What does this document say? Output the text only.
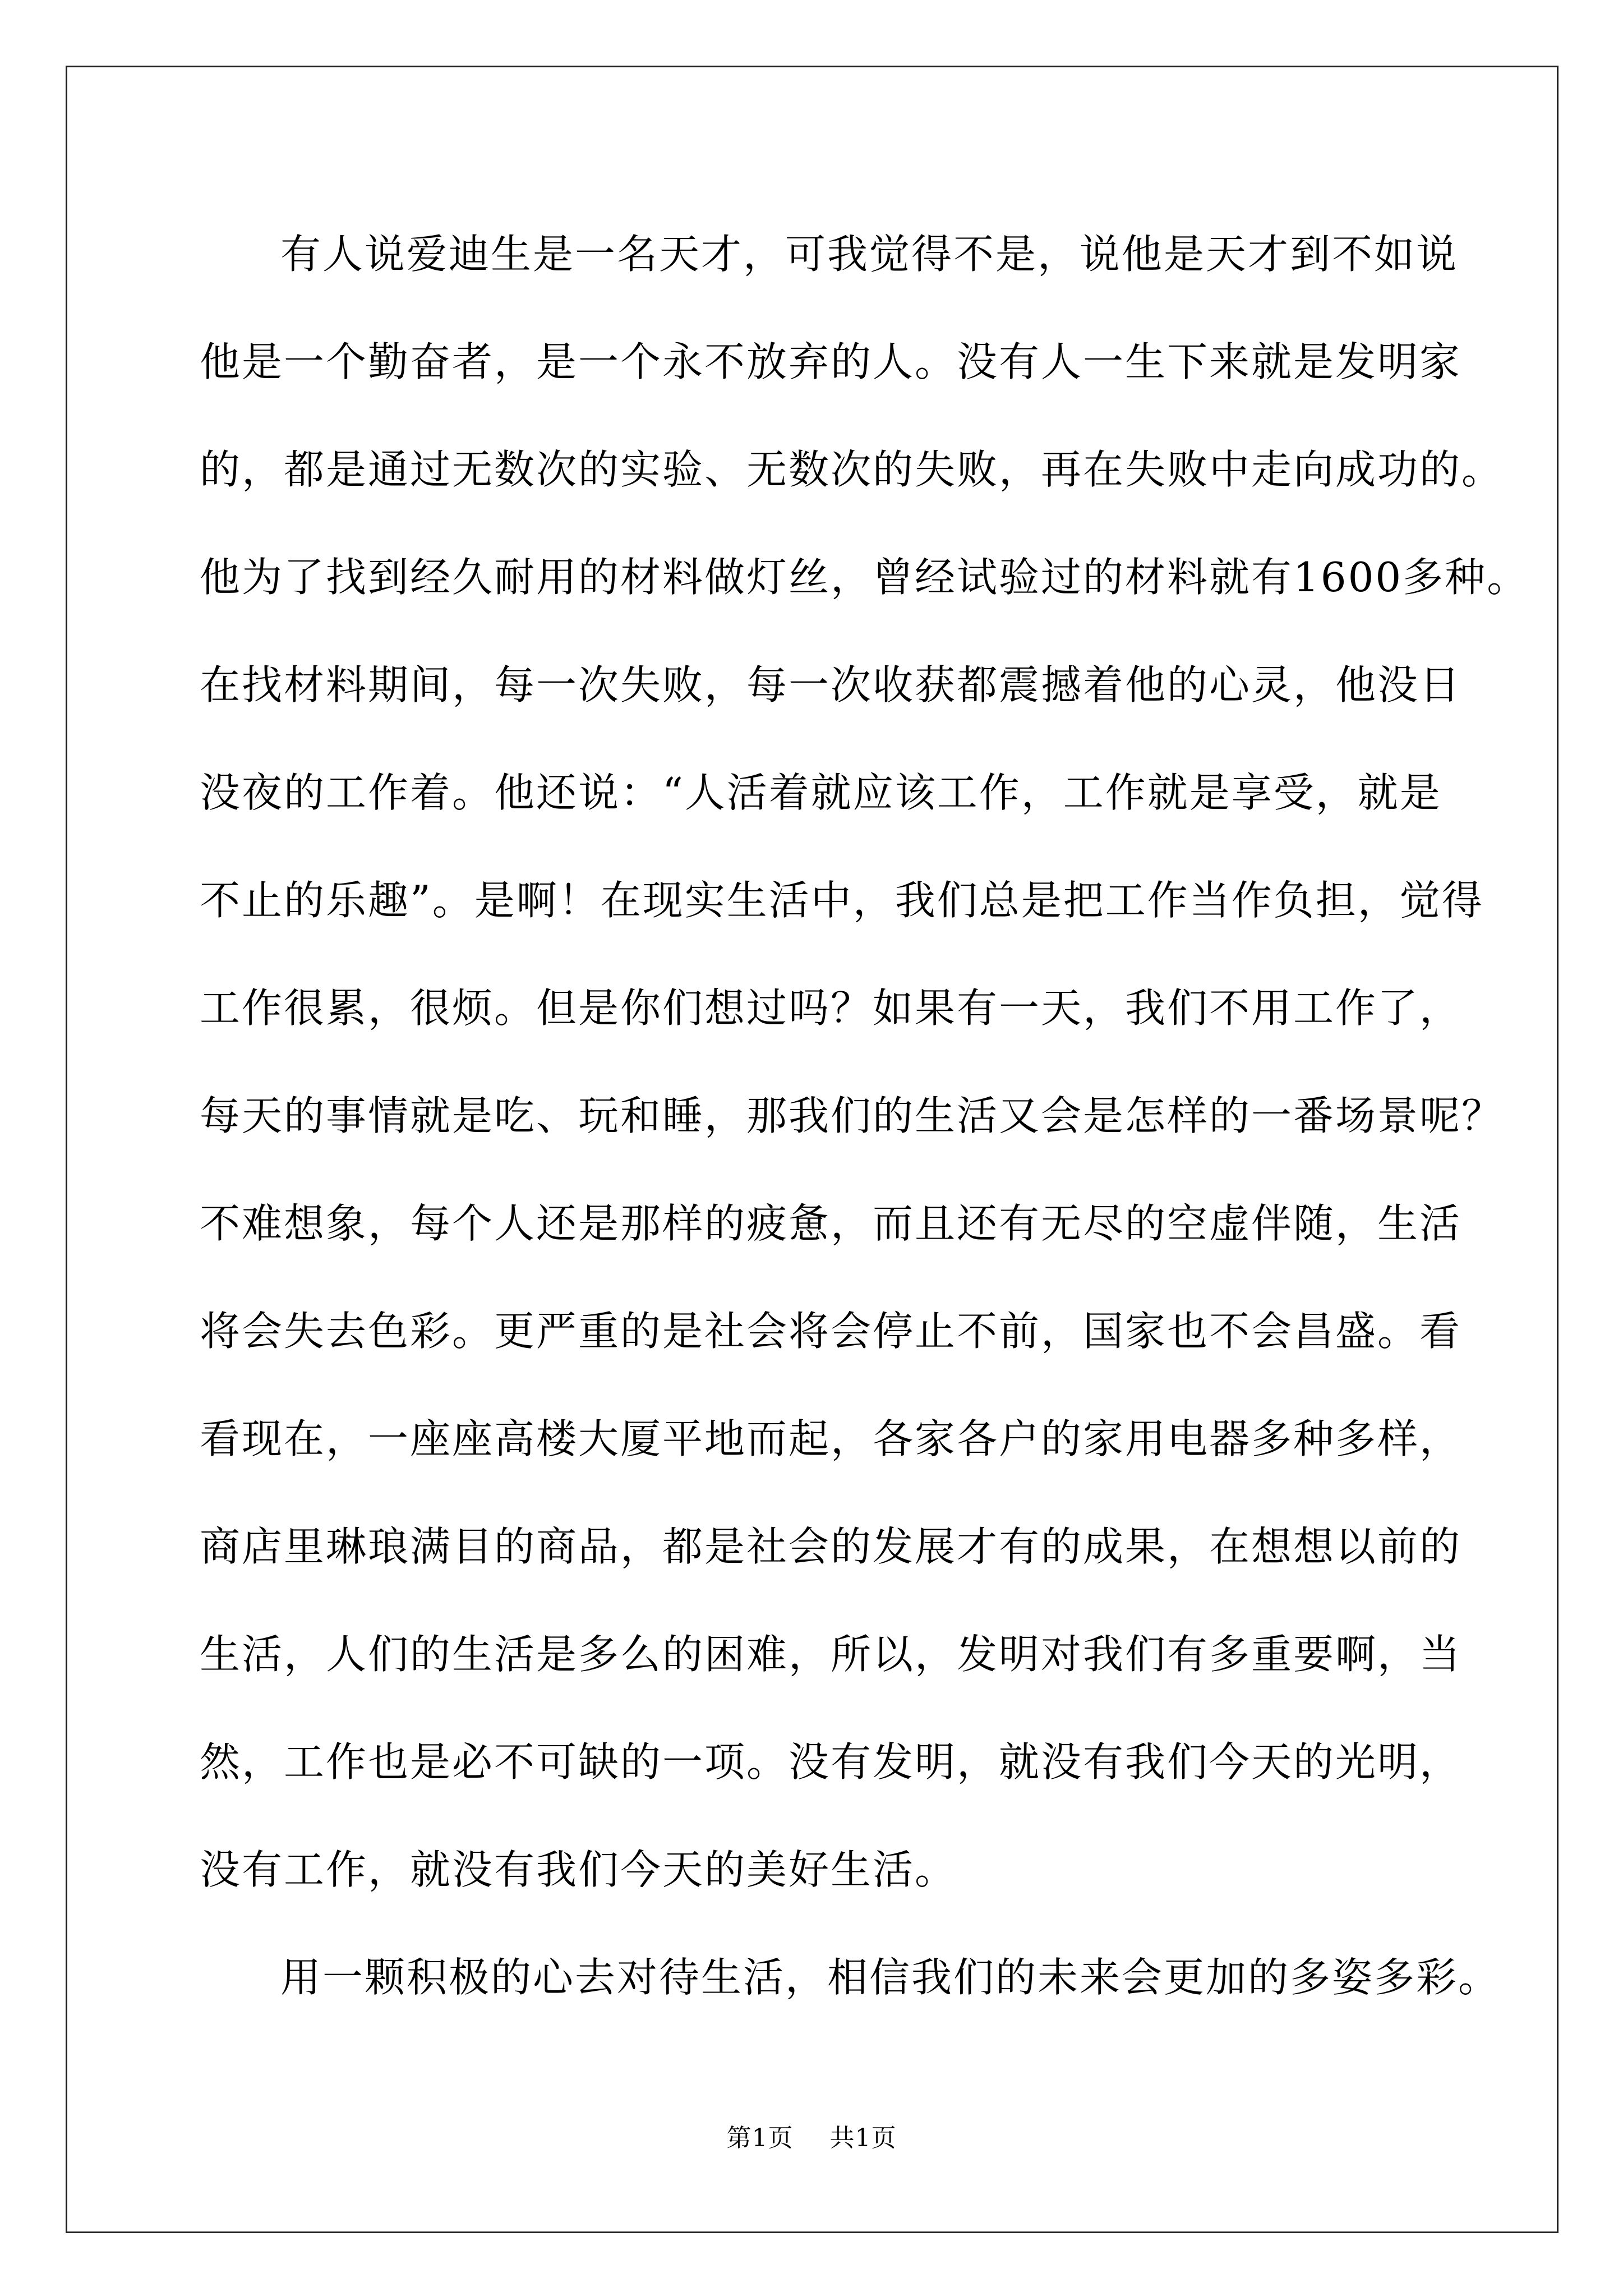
有人说爱迪生是一名天才，可我觉得不是，说他是天才到不如说
他是一个勤奋者，是一个永不放弃的人。没有人一生下来就是发明家
的，都是通过无数次的实验、无数次的失败，再在失败中走向成功的。
他为了找到经久耐用的材料做灯丝，曾经试验过的材料就有1600多种。
在找材料期间，每一次失败，每一次收获都震撼着他的心灵，他没日
没夜的工作着。他还说：“人活着就应该工作，工作就是享受，就是
不止的乐趣”。是啊！在现实生活中，我们总是把工作当作负担，觉得
工作很累，很烦。但是你们想过吗？如果有一天，我们不用工作了，
每天的事情就是吃、玩和睡，那我们的生活又会是怎样的一番场景呢？
不难想象，每个人还是那样的疲惫，而且还有无尽的空虚伴随，生活
将会失去色彩。更严重的是社会将会停止不前，国家也不会昌盛。看
看现在，一座座高楼大厦平地而起，各家各户的家用电器多种多样，
商店里琳琅满目的商品，都是社会的发展才有的成果，在想想以前的
生活，人们的生活是多么的困难，所以，发明对我们有多重要啊，当
然，工作也是必不可缺的一项。没有发明，就没有我们今天的光明，
没有工作，就没有我们今天的美好生活。
用一颗积极的心去对待生活，相信我们的未来会更加的多姿多彩。
第1页 共1页
